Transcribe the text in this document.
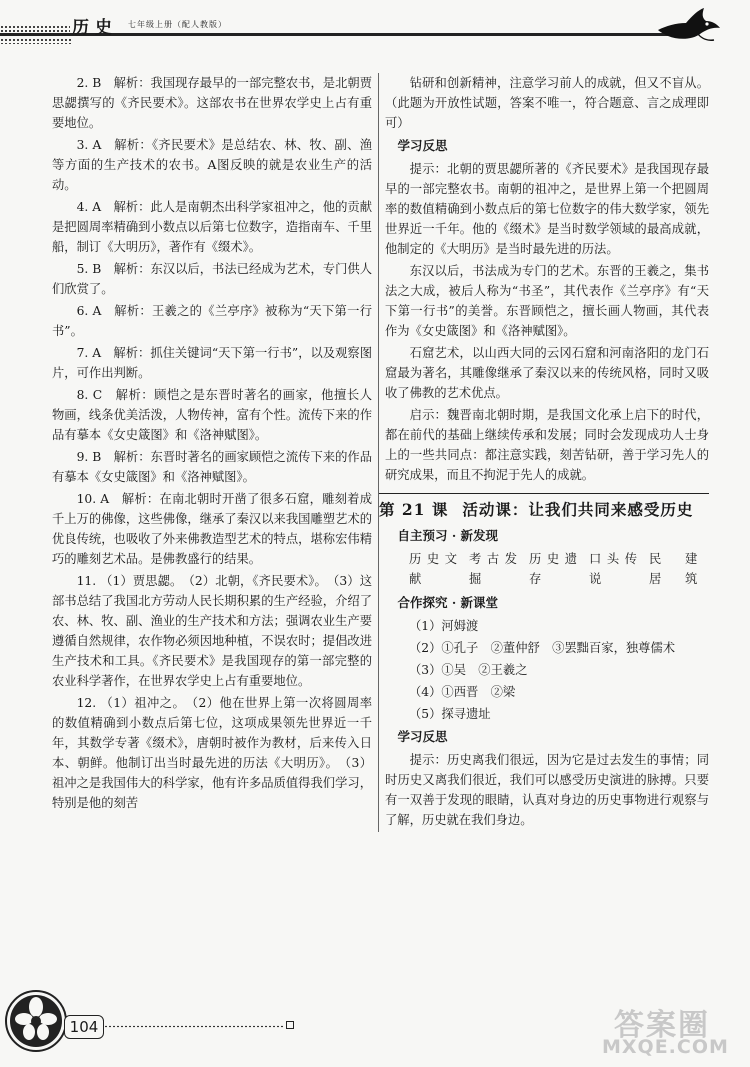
历史 七年级上册（配人教版）

2. B　解析：我国现存最早的一部完整农书，是北朝贾思勰撰写的《齐民要术》。这部农书在世界农学史上占有重要地位。

3. A　解析：《齐民要术》是总结农、林、牧、副、渔等方面的生产技术的农书。A图反映的就是农业生产的活动。

4. A　解析：此人是南朝杰出科学家祖冲之，他的贡献是把圆周率精确到小数点以后第七位数字，造指南车、千里船，制订《大明历》，著作有《缀术》。

5. B　解析：东汉以后，书法已经成为艺术，专门供人们欣赏了。

6. A　解析：王羲之的《兰亭序》被称为“天下第一行书”。

7. A　解析：抓住关键词“天下第一行书”，以及观察图片，可作出判断。

8. C　解析：顾恺之是东晋时著名的画家，他擅长人物画，线条优美活泼，人物传神，富有个性。流传下来的作品有摹本《女史箴图》和《洛神赋图》。

9. B　解析：东晋时著名的画家顾恺之流传下来的作品有摹本《女史箴图》和《洛神赋图》。

10. A　解析：在南北朝时开凿了很多石窟，雕刻着成千上万的佛像，这些佛像，继承了秦汉以来我国雕塑艺术的优良传统，也吸收了外来佛教造型艺术的特点，堪称宏伟精巧的雕刻艺术品。是佛教盛行的结果。

11. （1）贾思勰。　（2）北朝，《齐民要术》。　（3）这部书总结了我国北方劳动人民长期积累的生产经验，介绍了农、林、牧、副、渔业的生产技术和方法；强调农业生产要遵循自然规律，农作物必须因地种植，不误农时；提倡改进生产技术和工具。《齐民要术》是我国现存的第一部完整的农业科学著作，在世界农学史上占有重要地位。

12. （1）祖冲之。　（2）他在世界上第一次将圆周率的数值精确到小数点后第七位，这项成果领先世界近一千年，其数学专著《缀术》，唐朝时被作为教材，后来传入日本、朝鲜。他制订出当时最先进的历法《大明历》。　（3）祖冲之是我国伟大的科学家，他有许多品质值得我们学习，特别是他的刻苦

钻研和创新精神，注意学习前人的成就，但又不盲从。（此题为开放性试题，答案不唯一，符合题意、言之成理即可）

学习反思

提示：北朝的贾思勰所著的《齐民要术》是我国现存最早的一部完整农书。南朝的祖冲之，是世界上第一个把圆周率的数值精确到小数点后的第七位数字的伟大数学家，领先世界近一千年。他的《缀术》是当时数学领域的最高成就，他制定的《大明历》是当时最先进的历法。

东汉以后，书法成为专门的艺术。东晋的王羲之，集书法之大成，被后人称为“书圣”，其代表作《兰亭序》有“天下第一行书”的美誉。东晋顾恺之，擅长画人物画，其代表作为《女史箴图》和《洛神赋图》。

石窟艺术，以山西大同的云冈石窟和河南洛阳的龙门石窟最为著名，其雕像继承了秦汉以来的传统风格，同时又吸收了佛教的艺术优点。

启示：魏晋南北朝时期，是我国文化承上启下的时代，都在前代的基础上继续传承和发展；同时会发现成功人士身上的一些共同点：都注意实践，刻苦钻研，善于学习先人的研究成果，而且不拘泥于先人的成就。

第 21 课 活动课：让我们共同来感受历史
自主预习 · 新发现
历史文献
考古发掘
历史遗存
口头传说
民居
建筑
合作探究 · 新课堂
（1）河姆渡
（2）①孔子　②董仲舒　③罢黜百家，独尊儒术
（3）①吴　②王羲之
（4）①西晋　②梁
（5）探寻遗址
学习反思

提示：历史离我们很远，因为它是过去发生的事情；同时历史又离我们很近，我们可以感受历史演进的脉搏。只要有一双善于发现的眼睛，认真对身边的历史事物进行观察与了解，历史就在我们身边。

104	答案圈
MXQE.COM
